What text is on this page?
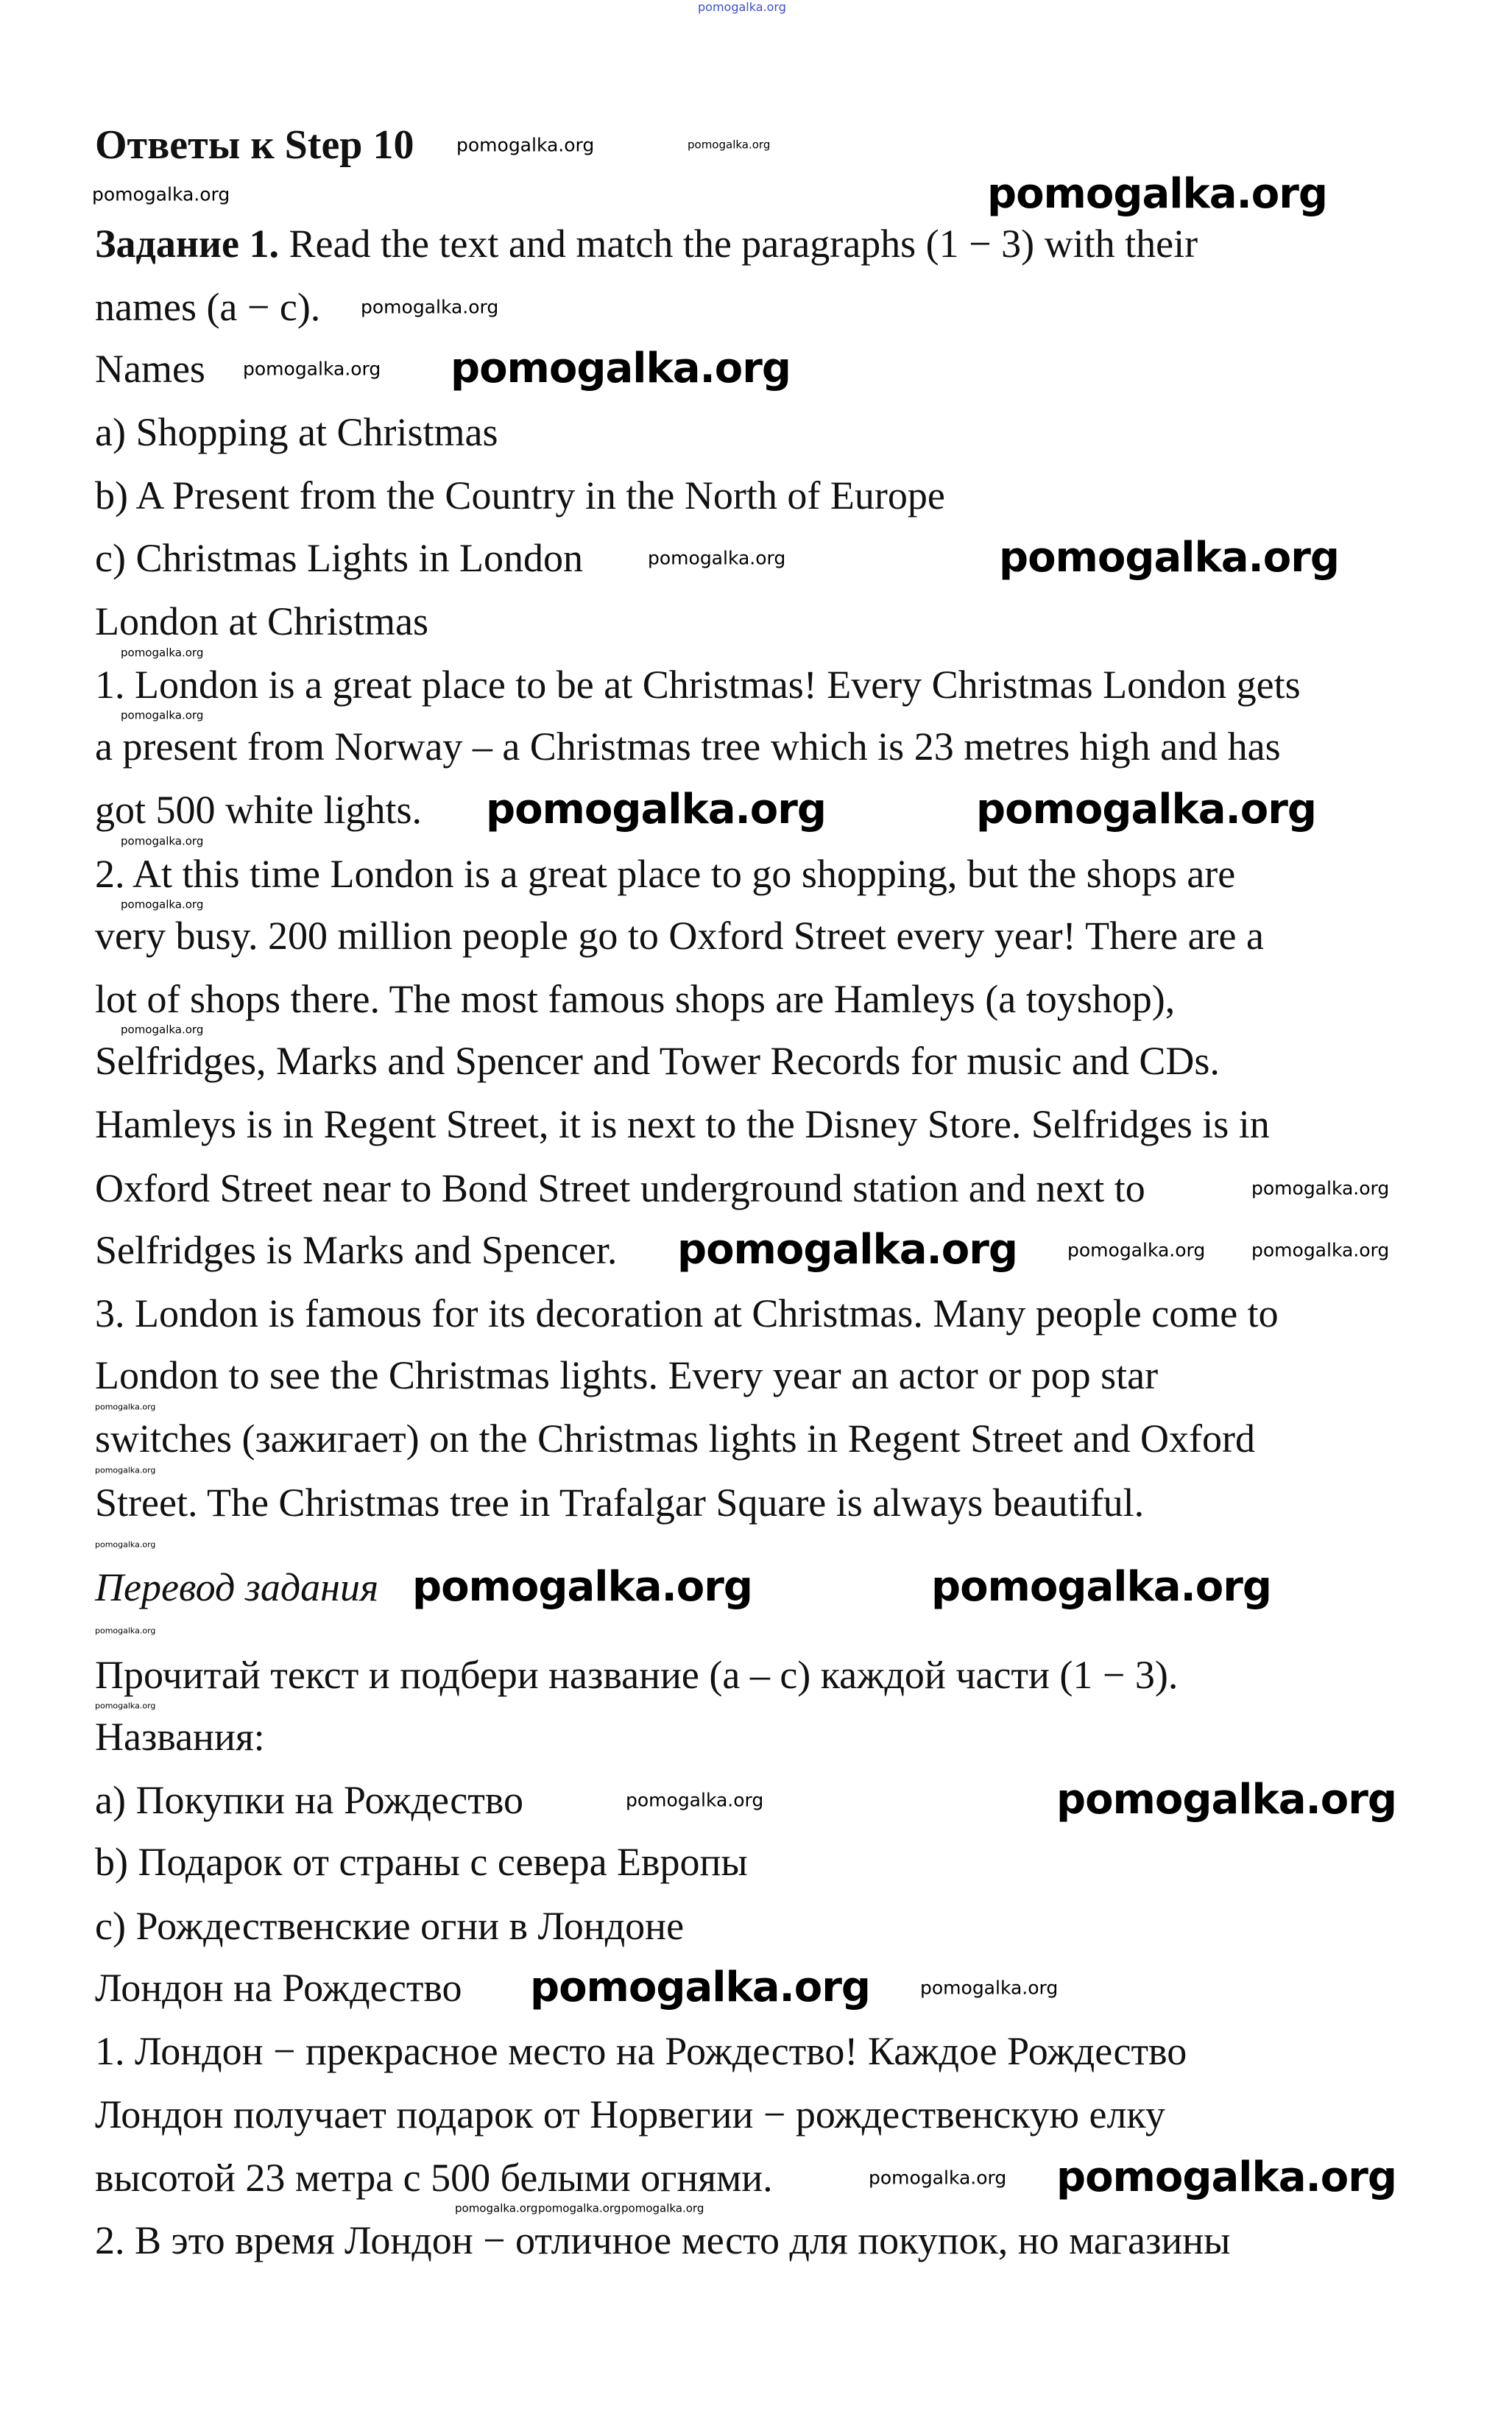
Ответы к Step 10
Задание 1. Read the text and match the paragraphs (1 − 3) with their
names (a − c).
Names
a) Shopping at Christmas
b) A Present from the Country in the North of Europe
c) Christmas Lights in London
London at Christmas
1. London is a great place to be at Christmas! Every Christmas London gets
a present from Norway – a Christmas tree which is 23 metres high and has
got 500 white lights.
2. At this time London is a great place to go shopping, but the shops are
very busy. 200 million people go to Oxford Street every year! There are a
lot of shops there. The most famous shops are Hamleys (a toyshop),
Selfridges, Marks and Spencer and Tower Records for music and CDs.
Hamleys is in Regent Street, it is next to the Disney Store. Selfridges is in
Oxford Street near to Bond Street underground station and next to
Selfridges is Marks and Spencer.
3. London is famous for its decoration at Christmas. Many people come to
London to see the Christmas lights. Every year an actor or pop star
switches (зажигает) on the Christmas lights in Regent Street and Oxford
Street. The Christmas tree in Trafalgar Square is always beautiful.
Перевод задания
Прочитай текст и подбери название (a – c) каждой части (1 − 3).
Названия:
a) Покупки на Рождество
b) Подарок от страны с севера Европы
c) Рождественские огни в Лондоне
Лондон на Рождество
1. Лондон − прекрасное место на Рождество! Каждое Рождество
Лондон получает подарок от Норвегии − рождественскую елку
высотой 23 метра с 500 белыми огнями.
2. В это время Лондон − отличное место для покупок, но магазины
pomogalka.org
pomogalka.org	pomogalka.org
pomogalka.org
pomogalka.org
pomogalka.org
pomogalka.org pomogalka.org
pomogalka.org	pomogalka.org
pomogalka.org
pomogalka.org
pomogalka.org	pomogalka.org
pomogalka.org
pomogalka.org
pomogalka.org
pomogalka.org
pomogalka.org	pomogalka.org	pomogalka.org
pomogalka.org
pomogalka.org
pomogalka.org
pomogalka.org	pomogalka.org
pomogalka.org
pomogalka.org
pomogalka.org	pomogalka.org
pomogalka.org	pomogalka.org
pomogalka.org pomogalka.org
pomogalka.org pomogalka.org pomogalka.org
